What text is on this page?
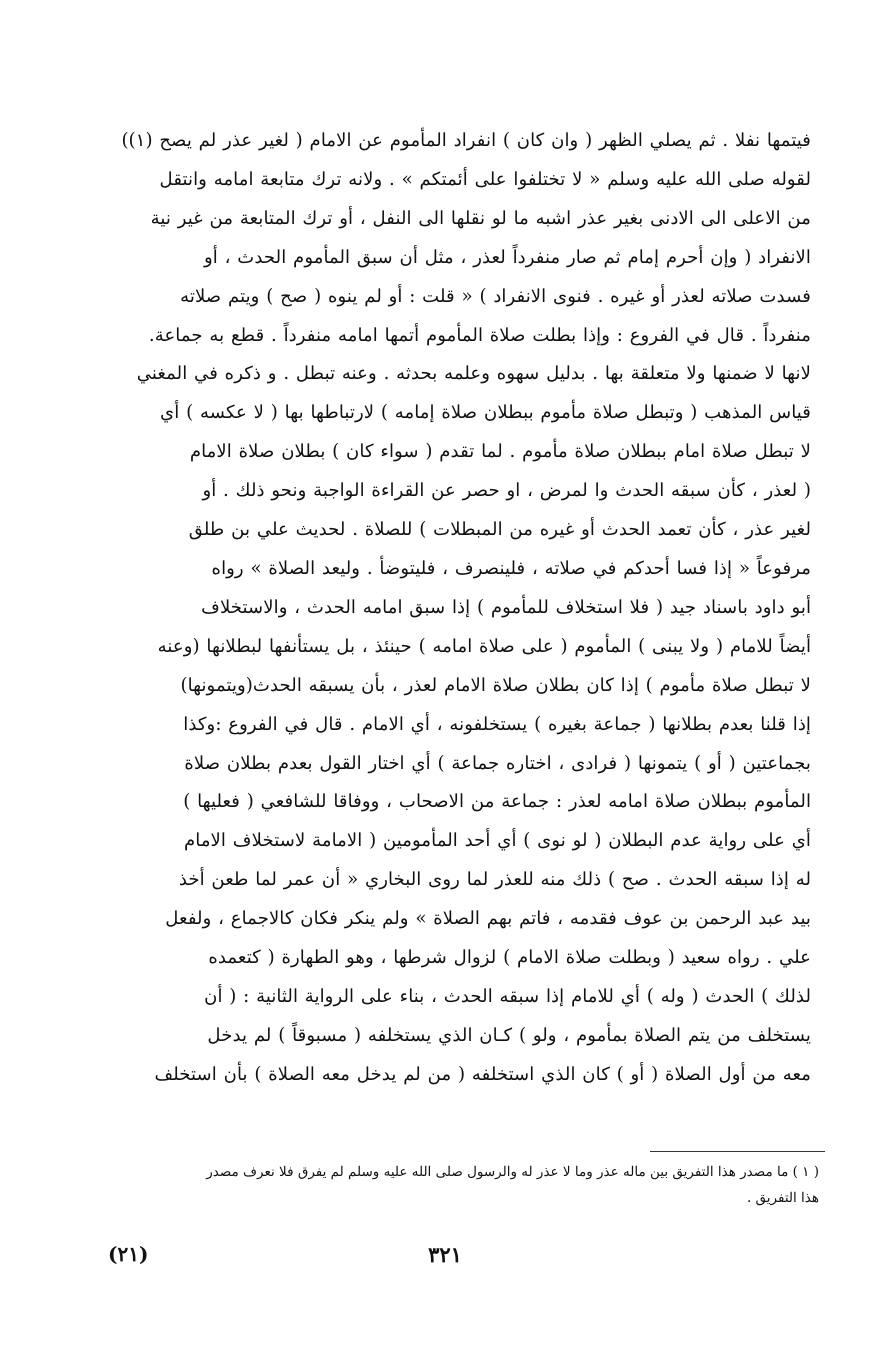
فيتمها نفلا . ثم يصلي الظهر ( وان كان ) انفراد المأموم عن الامام ( لغير عذر لم يصح (١))
لقوله صلى الله عليه وسلم « لا تختلفوا على أئمتكم » . ولانه ترك متابعة امامه وانتقل
من الاعلى الى الادنى بغير عذر اشبه ما لو نقلها الى النفل ، أو ترك المتابعة من غير نية
الانفراد ( وإن أحرم إمام ثم صار منفرداً لعذر ، مثل أن سبق المأموم الحدث ، أو
فسدت صلاته لعذر أو غيره . فنوى الانفراد ) « قلت : أو لم ينوه ( صح ) ويتم صلاته
منفرداً . قال في الفروع : وإذا بطلت صلاة المأموم أتمها امامه منفرداً . قطع به جماعة.
لانها لا ضمنها ولا متعلقة بها . بدليل سهوه وعلمه بحدثه . وعنه تبطل . و ذكره في المغني
قياس المذهب ( وتبطل صلاة مأموم ببطلان صلاة إمامه ) لارتباطها بها ( لا عكسه ) أي
لا تبطل صلاة امام ببطلان صلاة مأموم . لما تقدم ( سواء كان ) بطلان صلاة الامام
( لعذر ، كأن سبقه الحدث وا لمرض ، او حصر عن القراءة الواجبة ونحو ذلك . أو
لغير عذر ، كأن تعمد الحدث أو غيره من المبطلات ) للصلاة . لحديث علي بن طلق
مرفوعاً « إذا فسا أحدكم في صلاته ، فلينصرف ، فليتوضأ . وليعد الصلاة » رواه
أبو داود باسناد جيد ( فلا استخلاف للمأموم ) إذا سبق امامه الحدث ، والاستخلاف
أيضاً للامام ( ولا يبنى ) المأموم ( على صلاة امامه ) حينئذ ، بل يستأنفها لبطلانها (وعنه
لا تبطل صلاة مأموم ) إذا كان بطلان صلاة الامام لعذر ، بأن يسبقه الحدث(ويتمونها)
إذا قلنا بعدم بطلانها ( جماعة بغيره ) يستخلفونه ، أي الامام . قال في الفروع :وكذا
بجماعتين ( أو ) يتمونها ( فرادى ، اختاره جماعة ) أي اختار القول بعدم بطلان صلاة
المأموم ببطلان صلاة امامه لعذر : جماعة من الاصحاب ، ووفاقا للشافعي ( فعليها )
أي على رواية عدم البطلان ( لو نوى ) أي أحد المأمومين ( الامامة لاستخلاف الامام
له إذا سبقه الحدث . صح ) ذلك منه للعذر لما روى البخاري « أن عمر لما طعن أخذ
بيد عبد الرحمن بن عوف فقدمه ، فاتم بهم الصلاة » ولم ينكر فكان كالاجماع ، ولفعل
علي . رواه سعيد ( وبطلت صلاة الامام ) لزوال شرطها ، وهو الطهارة ( كتعمده
لذلك ) الحدث ( وله ) أي للامام إذا سبقه الحدث ، بناء على الرواية الثانية : ( أن
يستخلف من يتم الصلاة بمأموم ، ولو ) كـان الذي يستخلفه ( مسبوقاً ) لم يدخل
معه من أول الصلاة ( أو ) كان الذي استخلفه ( من لم يدخل معه الصلاة ) بأن استخلف
( ١ ) ما مصدر هذا التفريق بين ماله عذر وما لا عذر له والرسول صلى الله عليه وسلم لم يفرق فلا نعرف مصدر
هذا التفريق .
٣٢١
(٢١)
